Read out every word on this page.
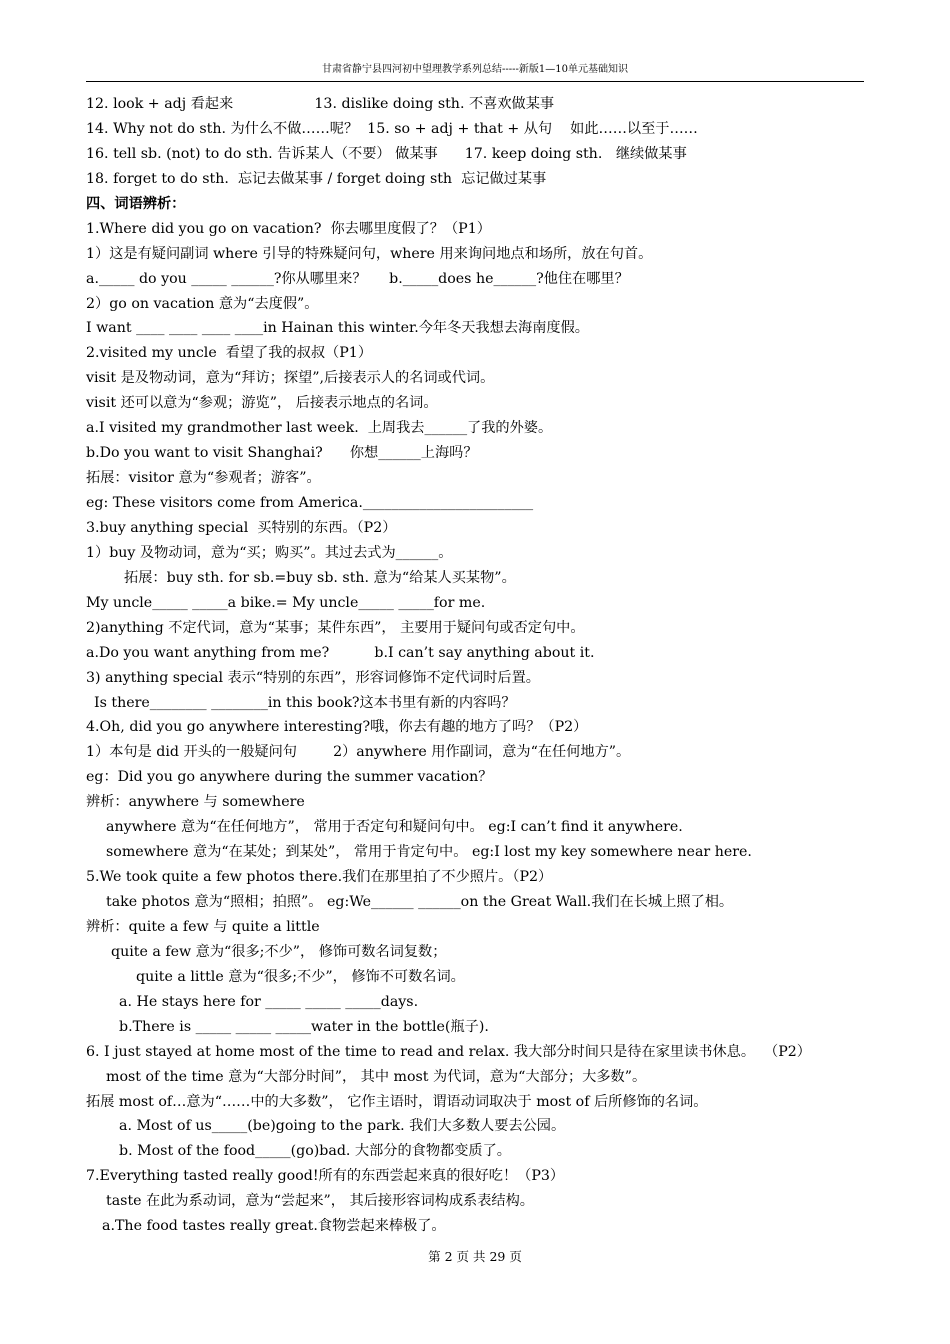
甘肃省静宁县四河初中望理教学系列总结-----新版1—10单元基础知识
12. look + adj 看起来                  13. dislike doing sth. 不喜欢做某事
14. Why not do sth. 为什么不做……呢？  15. so + adj + that + 从句    如此……以至于……
16. tell sb. (not) to do sth. 告诉某人（不要） 做某事      17. keep doing sth.   继续做某事
18. forget to do sth.  忘记去做某事 / forget doing sth  忘记做过某事
四、词语辨析：
1.Where did you go on vacation?  你去哪里度假了？（P1）
1）这是有疑问副词 where 引导的特殊疑问句，where 用来询问地点和场所，放在句首。
a._____ do you _____ ______?你从哪里来？     b._____does he______?他住在哪里？
2）go on vacation 意为“去度假”。
I want ____ ____ ____ ____in Hainan this winter.今年冬天我想去海南度假。
2.visited my uncle  看望了我的叔叔（P1）
visit 是及物动词，意为“拜访；探望”,后接表示人的名词或代词。
visit 还可以意为“参观；游览”， 后接表示地点的名词。
a.I visited my grandmother last week.  上周我去______了我的外婆。
b.Do you want to visit Shanghai?      你想______上海吗？
拓展：visitor 意为“参观者；游客”。
eg: These visitors come from America.________________________
3.buy anything special  买特别的东西。（P2）
1）buy 及物动词，意为“买；购买”。其过去式为______。
拓展：buy sth. for sb.=buy sb. sth. 意为“给某人买某物”。
My uncle_____ _____a bike.= My uncle_____ _____for me.
2)anything 不定代词，意为“某事；某件东西”， 主要用于疑问句或否定句中。
a.Do you want anything from me?          b.I can’t say anything about it.
3) anything special 表示“特别的东西”，形容词修饰不定代词时后置。
Is there________ ________in this book?这本书里有新的内容吗？
4.Oh, did you go anywhere interesting?哦，你去有趣的地方了吗？（P2）
1）本句是 did 开头的一般疑问句        2）anywhere 用作副词，意为“在任何地方”。
eg：Did you go anywhere during the summer vacation？
辨析：anywhere 与 somewhere
anywhere 意为“在任何地方”， 常用于否定句和疑问句中。 eg:I can’t find it anywhere.
somewhere 意为“在某处；到某处”， 常用于肯定句中。 eg:I lost my key somewhere near here.
5.We took quite a few photos there.我们在那里拍了不少照片。（P2）
take photos 意为“照相；拍照”。 eg:We______ ______on the Great Wall.我们在长城上照了相。
辨析：quite a few 与 quite a little
quite a few 意为“很多;不少”， 修饰可数名词复数；
quite a little 意为“很多;不少”， 修饰不可数名词。
a. He stays here for _____ _____ _____days.
b.There is _____ _____ _____water in the bottle(瓶子).
6. I just stayed at home most of the time to read and relax. 我大部分时间只是待在家里读书休息。  （P2）
most of the time 意为“大部分时间”， 其中 most 为代词，意为“大部分；大多数”。
拓展 most of…意为“……中的大多数”， 它作主语时，谓语动词取决于 most of 后所修饰的名词。
a. Most of us_____(be)going to the park. 我们大多数人要去公园。
b. Most of the food_____(go)bad. 大部分的食物都变质了。
7.Everything tasted really good!所有的东西尝起来真的很好吃！（P3）
taste 在此为系动词，意为“尝起来”， 其后接形容词构成系表结构。
a.The food tastes really great.食物尝起来棒极了。
第 2 页 共 29 页
